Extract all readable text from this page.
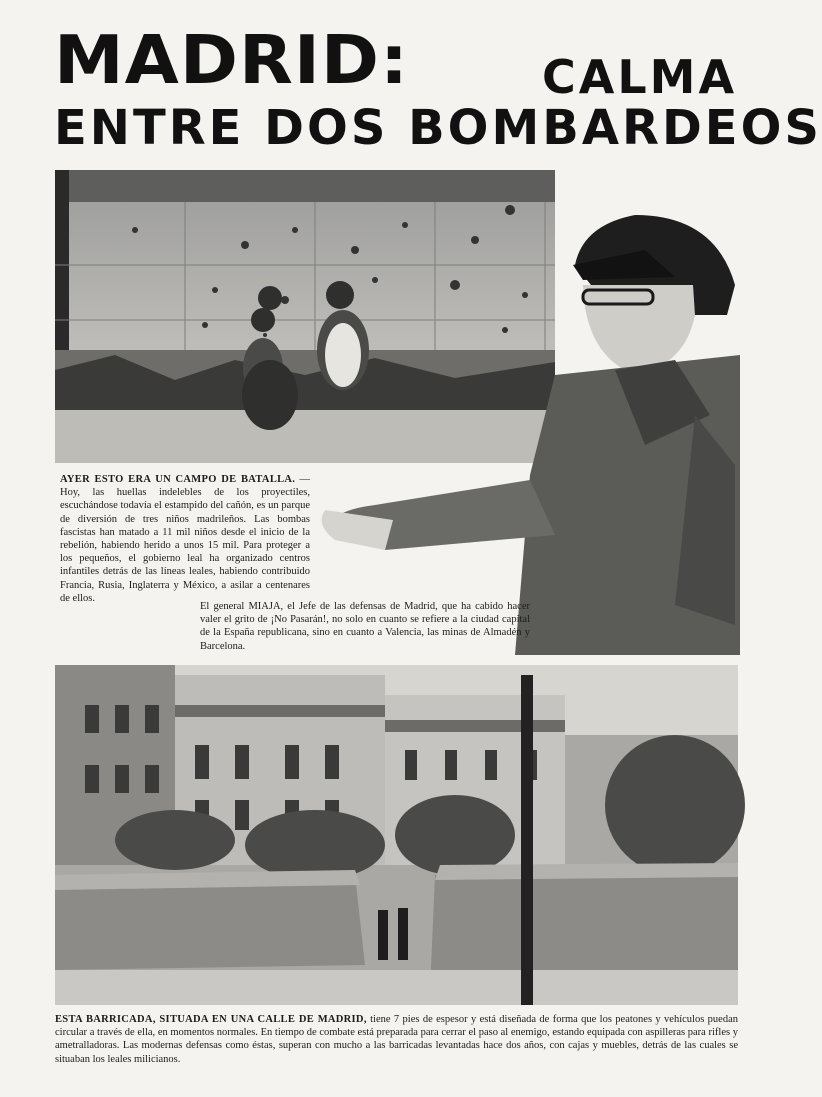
MADRID:	CALMA
ENTRE DOS BOMBARDEOS
AYER ESTO ERA UN CAMPO DE BATALLA. —Hoy, las huellas indelebles de los proyectiles, escuchándose todavía el estampido del cañón, es un parque de diversión de tres niños madrileños. Las bombas fascistas han matado a 11 mil niños desde el inicio de la rebelión, habiendo herido a unos 15 mil. Para proteger a los pequeños, el gobierno leal ha organizado centros infantiles detrás de las líneas leales, habiendo contribuido Francia, Rusia, Inglaterra y México, a asilar a centenares de ellos.
El general MIAJA, el Jefe de las defensas de Madrid, que ha cabido hacer valer el grito de ¡No Pasarán!, no solo en cuanto se refiere a la ciudad capital de la España republicana, sino en cuanto a Valencia, las minas de Almadén y Barcelona.
ESTA BARRICADA, SITUADA EN UNA CALLE DE MADRID, tiene 7 pies de espesor y está diseñada de forma que los peatones y vehículos puedan circular a través de ella, en momentos normales. En tiempo de combate está preparada para cerrar el paso al enemigo, estando equipada con aspilleras para rifles y ametralladoras. Las modernas defensas como éstas, superan con mucho a las barricadas levantadas hace dos años, con cajas y muebles, detrás de las cuales se situaban los leales milicianos.
